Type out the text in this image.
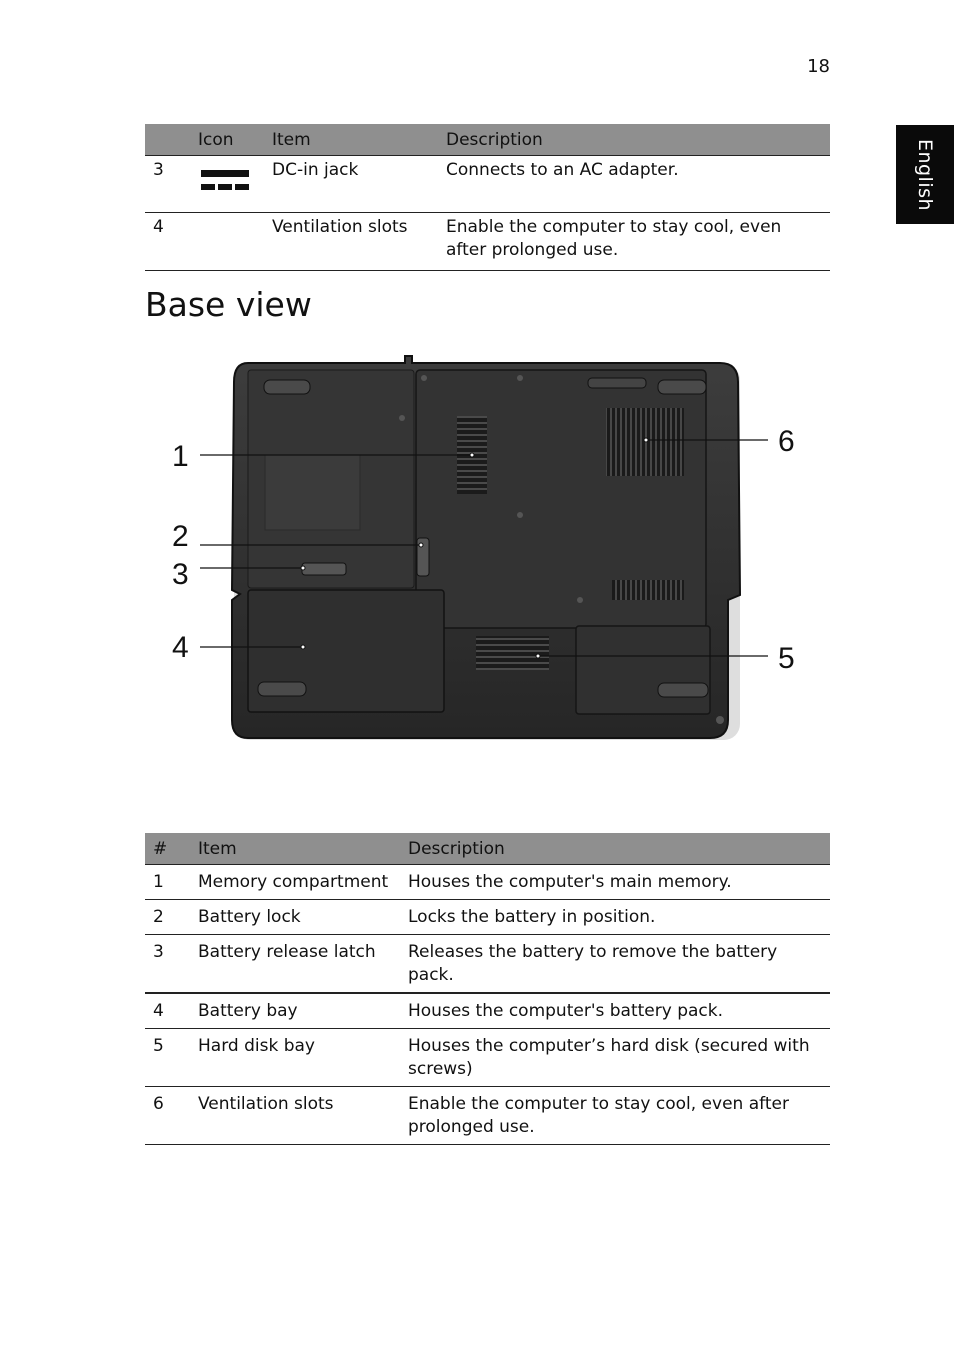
18
English
	Icon	Item	Description
3		DC-in jack	Connects to an AC adapter.
4		Ventilation slots	Enable the computer to stay cool, even after prolonged use.
Base view
1
2
3
4	5
6
#	Item	Description
1	Memory compartment	Houses the computer's main memory.
2	Battery lock	Locks the battery in position.
3	Battery release latch	Releases the battery to remove the battery pack.
4	Battery bay	Houses the computer's battery pack.
5	Hard disk bay	Houses the computer’s hard disk (secured with screws)
6	Ventilation slots	Enable the computer to stay cool, even after prolonged use.
